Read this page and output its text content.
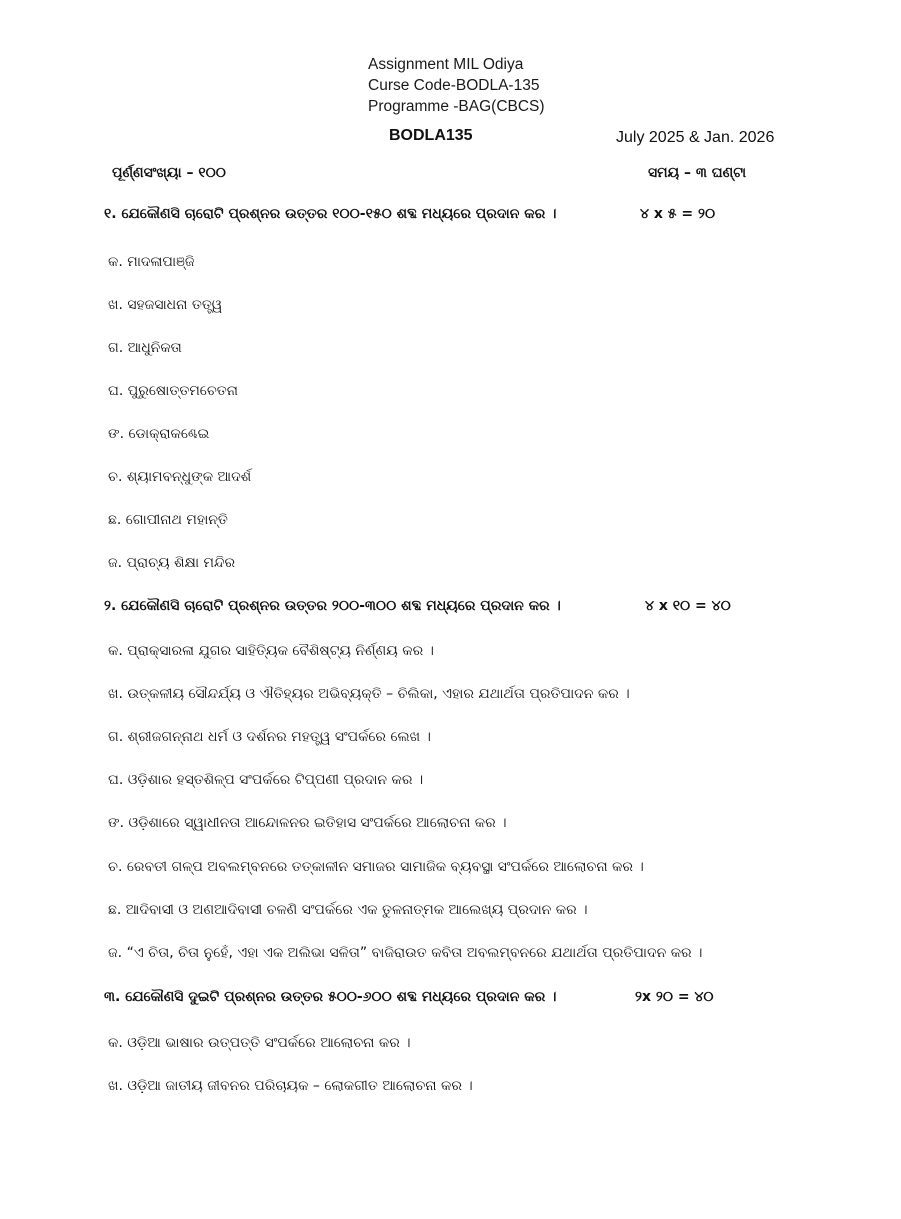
Assignment MIL Odiya
Curse Code-BODLA-135
Programme -BAG(CBCS)
BODLA135	July 2025 & Jan. 2026
ପୂର୍ଣ୍ଣସଂଖ୍ୟା – ୧୦୦	ସମୟ – ୩ ଘଣ୍ଟା
୧. ଯେକୌଣସି ଚାରୋଟି ପ୍ରଶ୍ନର ଉତ୍ତର ୧୦୦-୧୫୦ ଶବ୍ଦ ମଧ୍ୟରେ ପ୍ରଦାନ କର ।	୪ x ୫ = ୨୦
କ. ମାଦଳାପାଞ୍ଜି
ଖ. ସହଜସାଧନା ତତ୍ତ୍ୱ
ଗ. ଆଧୁନିକତା
ଘ. ପୁରୁଷୋତ୍ତମଚେତନା
ଙ. ଡୋକ୍ରାକଣ୍ଢେଇ
ଚ. ଶ୍ୟାମବନ୍ଧୁଙ୍କ ଆଦର୍ଶ
ଛ. ଗୋପୀନାଥ ମହାନ୍ତି
ଜ. ପ୍ରାଚ୍ୟ ଶିକ୍ଷା ମନ୍ଦିର
୨. ଯେକୌଣସି ଚାରୋଟି ପ୍ରଶ୍ନର ଉତ୍ତର ୨୦୦-୩୦୦ ଶବ୍ଦ ମଧ୍ୟରେ ପ୍ରଦାନ କର ।	୪ x ୧୦ = ୪୦
କ. ପ୍ରାକ୍‌ସାରଳା ଯୁଗର ସାହିତ୍ୟିକ ବୈଶିଷ୍ଟ୍ୟ ନିର୍ଣ୍ଣୟ କର ।
ଖ. ଉତ୍କଳୀୟ ସୌନ୍ଦର୍ଯ୍ୟ ଓ ଐତିହ୍ୟର ଅଭିବ୍ୟକ୍ତି – ଚିଲିକା, ଏହାର ଯଥାର୍ଥତା ପ୍ରତିପାଦନ କର ।
ଗ. ଶ୍ରୀଜଗନ୍ନାଥ ଧର୍ମ ଓ ଦର୍ଶନର ମହତ୍ତ୍ୱ ସଂପର୍କରେ ଲେଖ ।
ଘ. ଓଡ଼ିଶାର ହସ୍ତଶିଳ୍ପ ସଂପର୍କରେ ଟିପ୍ପଣୀ ପ୍ରଦାନ କର ।
ଙ. ଓଡ଼ିଶାରେ ସ୍ୱାଧୀନତା ଆନ୍ଦୋଳନର ଇତିହାସ ସଂପର୍କରେ ଆଲୋଚନା କର ।
ଚ. ରେବତୀ ଗଳ୍ପ ଅବଲମ୍ବନରେ ତତ୍‌କାଳୀନ ସମାଜର ସାମାଜିକ ବ୍ୟବସ୍ଥା ସଂପର୍କରେ ଆଲୋଚନା କର ।
ଛ. ଆଦିବାସୀ ଓ ଅଣଆଦିବାସୀ ଚଳଣି ସଂପର୍କରେ ଏକ ତୁଳନାତ୍ମକ ଆଲେଖ୍ୟ ପ୍ରଦାନ କର ।
ଜ. “ଏ ଚିତା, ଚିତା ନୁହେଁ, ଏହା ଏକ ଅଲିଭା ସଳିତା” ବାଜିରାଉତ କବିତା ଅବଲମ୍ବନରେ ଯଥାର୍ଥତା ପ୍ରତିପାଦନ କର ।
୩. ଯେକୌଣସି ଦୁଇଟି ପ୍ରଶ୍ନର ଉତ୍ତର ୫୦୦-୬୦୦ ଶବ୍ଦ ମଧ୍ୟରେ ପ୍ରଦାନ କର ।	୨x ୨୦ = ୪୦
କ. ଓଡ଼ିଆ ଭାଷାର ଉତ୍ପତ୍ତି ସଂପର୍କରେ ଆଲୋଚନା କର ।
ଖ. ଓଡ଼ିଆ ଜାତୀୟ ଜୀବନର ପରିଚାୟକ – ଲୋକଗୀତ ଆଲୋଚନା କର ।
